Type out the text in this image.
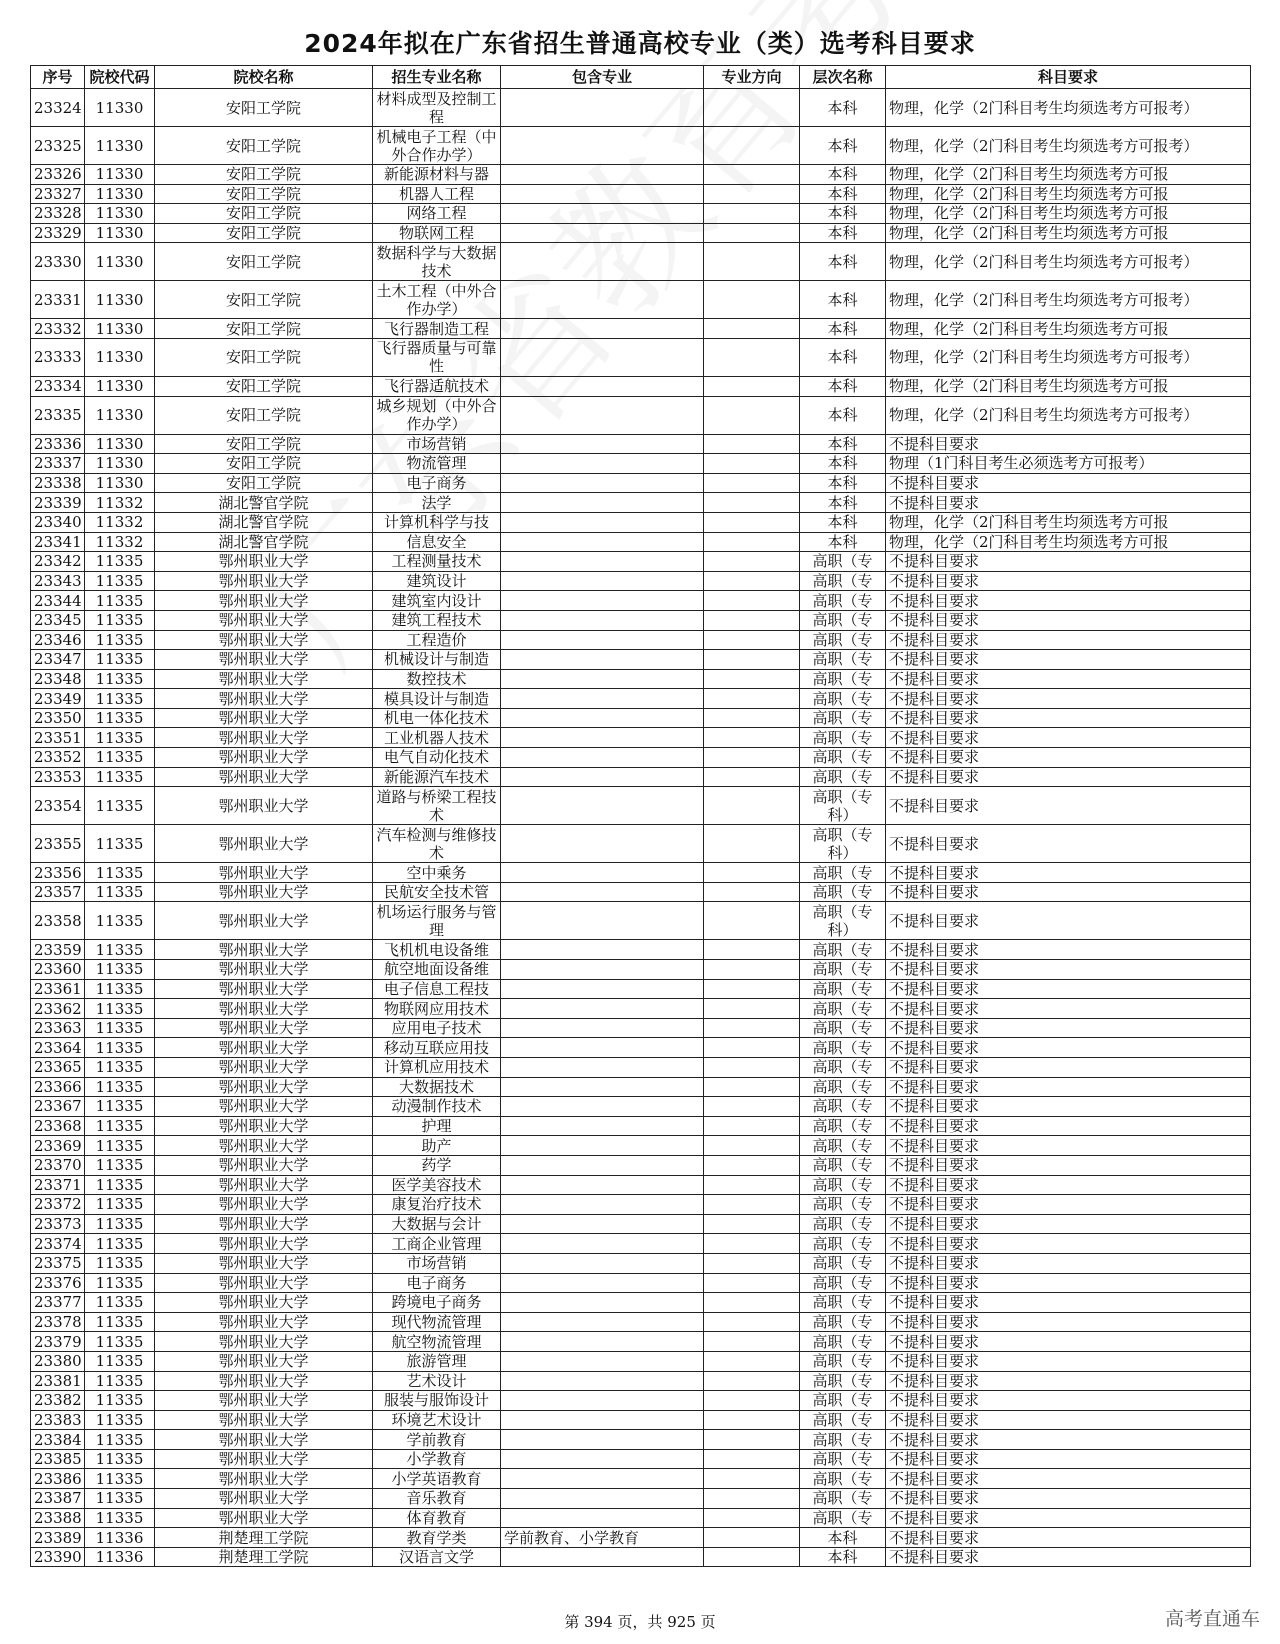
2024年拟在广东省招生普通高校专业（类）选考科目要求
序号	院校代码	院校名称	招生专业名称	包含专业	专业方向	层次名称	科目要求
23324	11330	安阳工学院	材料成型及控制工程			本科	物理，化学（2门科目考生均须选考方可报考）
23325	11330	安阳工学院	机械电子工程（中外合作办学）			本科	物理，化学（2门科目考生均须选考方可报考）
23326	11330	安阳工学院	新能源材料与器			本科	物理，化学（2门科目考生均须选考方可报
23327	11330	安阳工学院	机器人工程			本科	物理，化学（2门科目考生均须选考方可报
23328	11330	安阳工学院	网络工程			本科	物理，化学（2门科目考生均须选考方可报
23329	11330	安阳工学院	物联网工程			本科	物理，化学（2门科目考生均须选考方可报
23330	11330	安阳工学院	数据科学与大数据技术			本科	物理，化学（2门科目考生均须选考方可报考）
23331	11330	安阳工学院	土木工程（中外合作办学）			本科	物理，化学（2门科目考生均须选考方可报考）
23332	11330	安阳工学院	飞行器制造工程			本科	物理，化学（2门科目考生均须选考方可报
23333	11330	安阳工学院	飞行器质量与可靠性			本科	物理，化学（2门科目考生均须选考方可报考）
23334	11330	安阳工学院	飞行器适航技术			本科	物理，化学（2门科目考生均须选考方可报
23335	11330	安阳工学院	城乡规划（中外合作办学）			本科	物理，化学（2门科目考生均须选考方可报考）
23336	11330	安阳工学院	市场营销			本科	不提科目要求
23337	11330	安阳工学院	物流管理			本科	物理（1门科目考生必须选考方可报考）
23338	11330	安阳工学院	电子商务			本科	不提科目要求
23339	11332	湖北警官学院	法学			本科	不提科目要求
23340	11332	湖北警官学院	计算机科学与技			本科	物理，化学（2门科目考生均须选考方可报
23341	11332	湖北警官学院	信息安全			本科	物理，化学（2门科目考生均须选考方可报
23342	11335	鄂州职业大学	工程测量技术			高职（专	不提科目要求
23343	11335	鄂州职业大学	建筑设计			高职（专	不提科目要求
23344	11335	鄂州职业大学	建筑室内设计			高职（专	不提科目要求
23345	11335	鄂州职业大学	建筑工程技术			高职（专	不提科目要求
23346	11335	鄂州职业大学	工程造价			高职（专	不提科目要求
23347	11335	鄂州职业大学	机械设计与制造			高职（专	不提科目要求
23348	11335	鄂州职业大学	数控技术			高职（专	不提科目要求
23349	11335	鄂州职业大学	模具设计与制造			高职（专	不提科目要求
23350	11335	鄂州职业大学	机电一体化技术			高职（专	不提科目要求
23351	11335	鄂州职业大学	工业机器人技术			高职（专	不提科目要求
23352	11335	鄂州职业大学	电气自动化技术			高职（专	不提科目要求
23353	11335	鄂州职业大学	新能源汽车技术			高职（专	不提科目要求
23354	11335	鄂州职业大学	道路与桥梁工程技术			高职（专科）	不提科目要求
23355	11335	鄂州职业大学	汽车检测与维修技术			高职（专科）	不提科目要求
23356	11335	鄂州职业大学	空中乘务			高职（专	不提科目要求
23357	11335	鄂州职业大学	民航安全技术管			高职（专	不提科目要求
23358	11335	鄂州职业大学	机场运行服务与管理			高职（专科）	不提科目要求
23359	11335	鄂州职业大学	飞机机电设备维			高职（专	不提科目要求
23360	11335	鄂州职业大学	航空地面设备维			高职（专	不提科目要求
23361	11335	鄂州职业大学	电子信息工程技			高职（专	不提科目要求
23362	11335	鄂州职业大学	物联网应用技术			高职（专	不提科目要求
23363	11335	鄂州职业大学	应用电子技术			高职（专	不提科目要求
23364	11335	鄂州职业大学	移动互联应用技			高职（专	不提科目要求
23365	11335	鄂州职业大学	计算机应用技术			高职（专	不提科目要求
23366	11335	鄂州职业大学	大数据技术			高职（专	不提科目要求
23367	11335	鄂州职业大学	动漫制作技术			高职（专	不提科目要求
23368	11335	鄂州职业大学	护理			高职（专	不提科目要求
23369	11335	鄂州职业大学	助产			高职（专	不提科目要求
23370	11335	鄂州职业大学	药学			高职（专	不提科目要求
23371	11335	鄂州职业大学	医学美容技术			高职（专	不提科目要求
23372	11335	鄂州职业大学	康复治疗技术			高职（专	不提科目要求
23373	11335	鄂州职业大学	大数据与会计			高职（专	不提科目要求
23374	11335	鄂州职业大学	工商企业管理			高职（专	不提科目要求
23375	11335	鄂州职业大学	市场营销			高职（专	不提科目要求
23376	11335	鄂州职业大学	电子商务			高职（专	不提科目要求
23377	11335	鄂州职业大学	跨境电子商务			高职（专	不提科目要求
23378	11335	鄂州职业大学	现代物流管理			高职（专	不提科目要求
23379	11335	鄂州职业大学	航空物流管理			高职（专	不提科目要求
23380	11335	鄂州职业大学	旅游管理			高职（专	不提科目要求
23381	11335	鄂州职业大学	艺术设计			高职（专	不提科目要求
23382	11335	鄂州职业大学	服装与服饰设计			高职（专	不提科目要求
23383	11335	鄂州职业大学	环境艺术设计			高职（专	不提科目要求
23384	11335	鄂州职业大学	学前教育			高职（专	不提科目要求
23385	11335	鄂州职业大学	小学教育			高职（专	不提科目要求
23386	11335	鄂州职业大学	小学英语教育			高职（专	不提科目要求
23387	11335	鄂州职业大学	音乐教育			高职（专	不提科目要求
23388	11335	鄂州职业大学	体育教育			高职（专	不提科目要求
23389	11336	荆楚理工学院	教育学类	学前教育、小学教育		本科	不提科目要求
23390	11336	荆楚理工学院	汉语言文学			本科	不提科目要求
第 394 页，共 925 页	高考直通车
